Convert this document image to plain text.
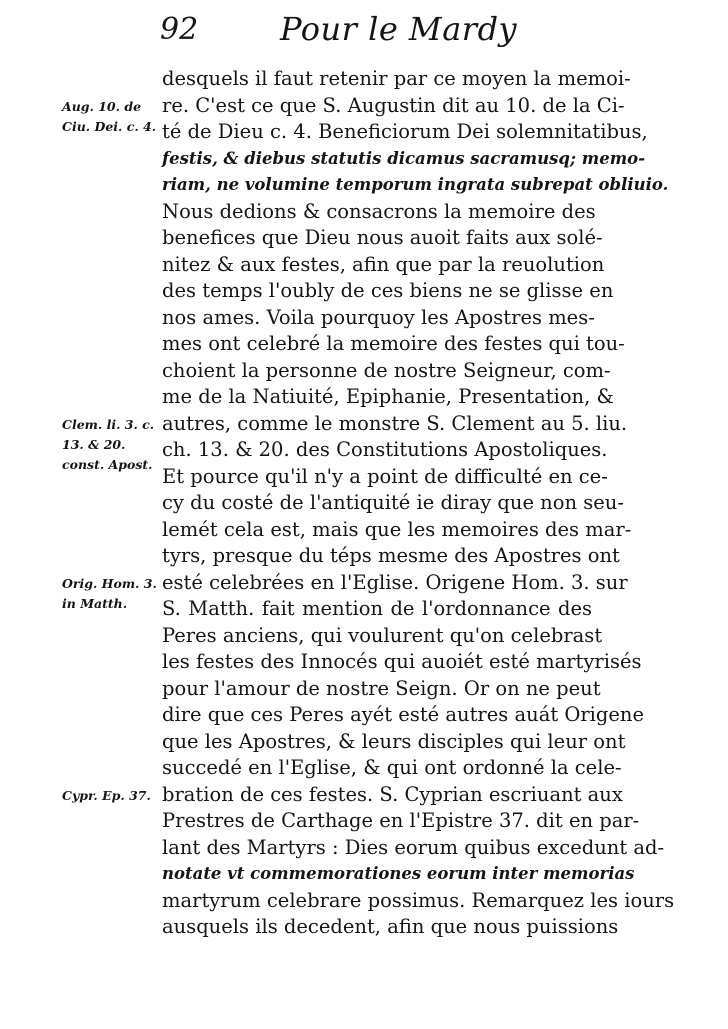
92	Pour le Mardy
desquels il faut retenir par ce moyen la memoi-
re. C'est ce que S. Augustin dit au 10. de la Ci-
té de Dieu c. 4. Beneficiorum Dei solemnitatibus,
festis, & diebus statutis dicamus sacramusq; memo-
riam, ne volumine temporum ingrata subrepat obliuio.
Nous dedions & consacrons la memoire des
benefices que Dieu nous auoit faits aux solé-
nitez & aux festes, afin que par la reuolution
des temps l'oubly de ces biens ne se glisse en
nos ames. Voila pourquoy les Apostres mes-
mes ont celebré la memoire des festes qui tou-
choient la personne de nostre Seigneur, com-
me de la Natiuité, Epiphanie, Presentation, &
autres, comme le monstre S. Clement au 5. liu.
ch. 13. & 20. des Constitutions Apostoliques.
Et pource qu'il n'y a point de difficulté en ce-
cy du costé de l'antiquité ie diray que non seu-
lemét cela est, mais que les memoires des mar-
tyrs, presque du téps mesme des Apostres ont
esté celebrées en l'Eglise. Origene Hom. 3. sur
S. Matth. fait mention de l'ordonnance des
Peres anciens, qui voulurent qu'on celebrast
les festes des Innocés qui auoiét esté martyrisés
pour l'amour de nostre Seign. Or on ne peut
dire que ces Peres ayét esté autres auát Origene
que les Apostres, & leurs disciples qui leur ont
succedé en l'Eglise, & qui ont ordonné la cele-
bration de ces festes. S. Cyprian escriuant aux
Prestres de Carthage en l'Epistre 37. dit en par-
lant des Martyrs : Dies eorum quibus excedunt ad-
notate vt commemorationes eorum inter memorias
martyrum celebrare possimus. Remarquez les iours
ausquels ils decedent, afin que nous puissions
Aug. 10. de
Ciu. Dei. c. 4.
Clem. li. 3. c.
13. & 20.
const. Apost.
Orig. Hom. 3.
in Matth.
Cypr. Ep. 37.
